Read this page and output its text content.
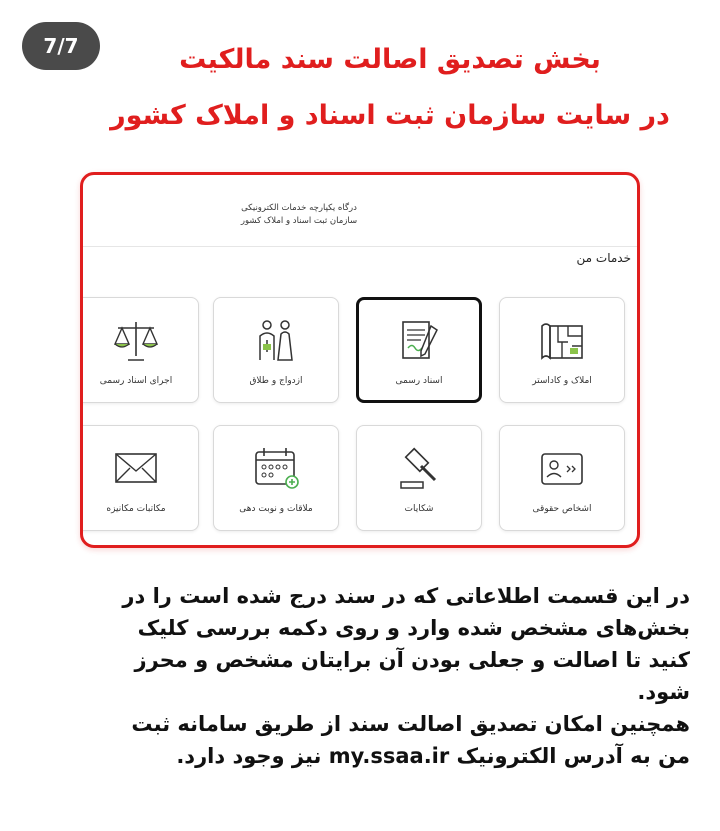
7/7	بخش تصدیق اصالت سند مالکیت
در سایت سازمان ثبت اسناد و املاک کشور
درگاه یکپارچه خدمات الکترونیکی
سازمان ثبت اسناد و املاک کشور
خدمات من
املاک و کاداستر
اسناد رسمی
ازدواج و طلاق
اجرای اسناد رسمی
اشخاص حقوقی
شکایات
ملاقات و نوبت دهی
مکاتبات مکانیزه

در این قسمت اطلاعاتی که در سند درج شده است را در

بخش‌های مشخص شده وارد و روی دکمه بررسی کلیک

کنید تا اصالت و جعلی بودن آن برایتان مشخص و محرز

شود.

همچنین امکان تصدیق اصالت سند از طریق سامانه ثبت

من به آدرس الکترونیک my.ssaa.ir نیز وجود دارد.
